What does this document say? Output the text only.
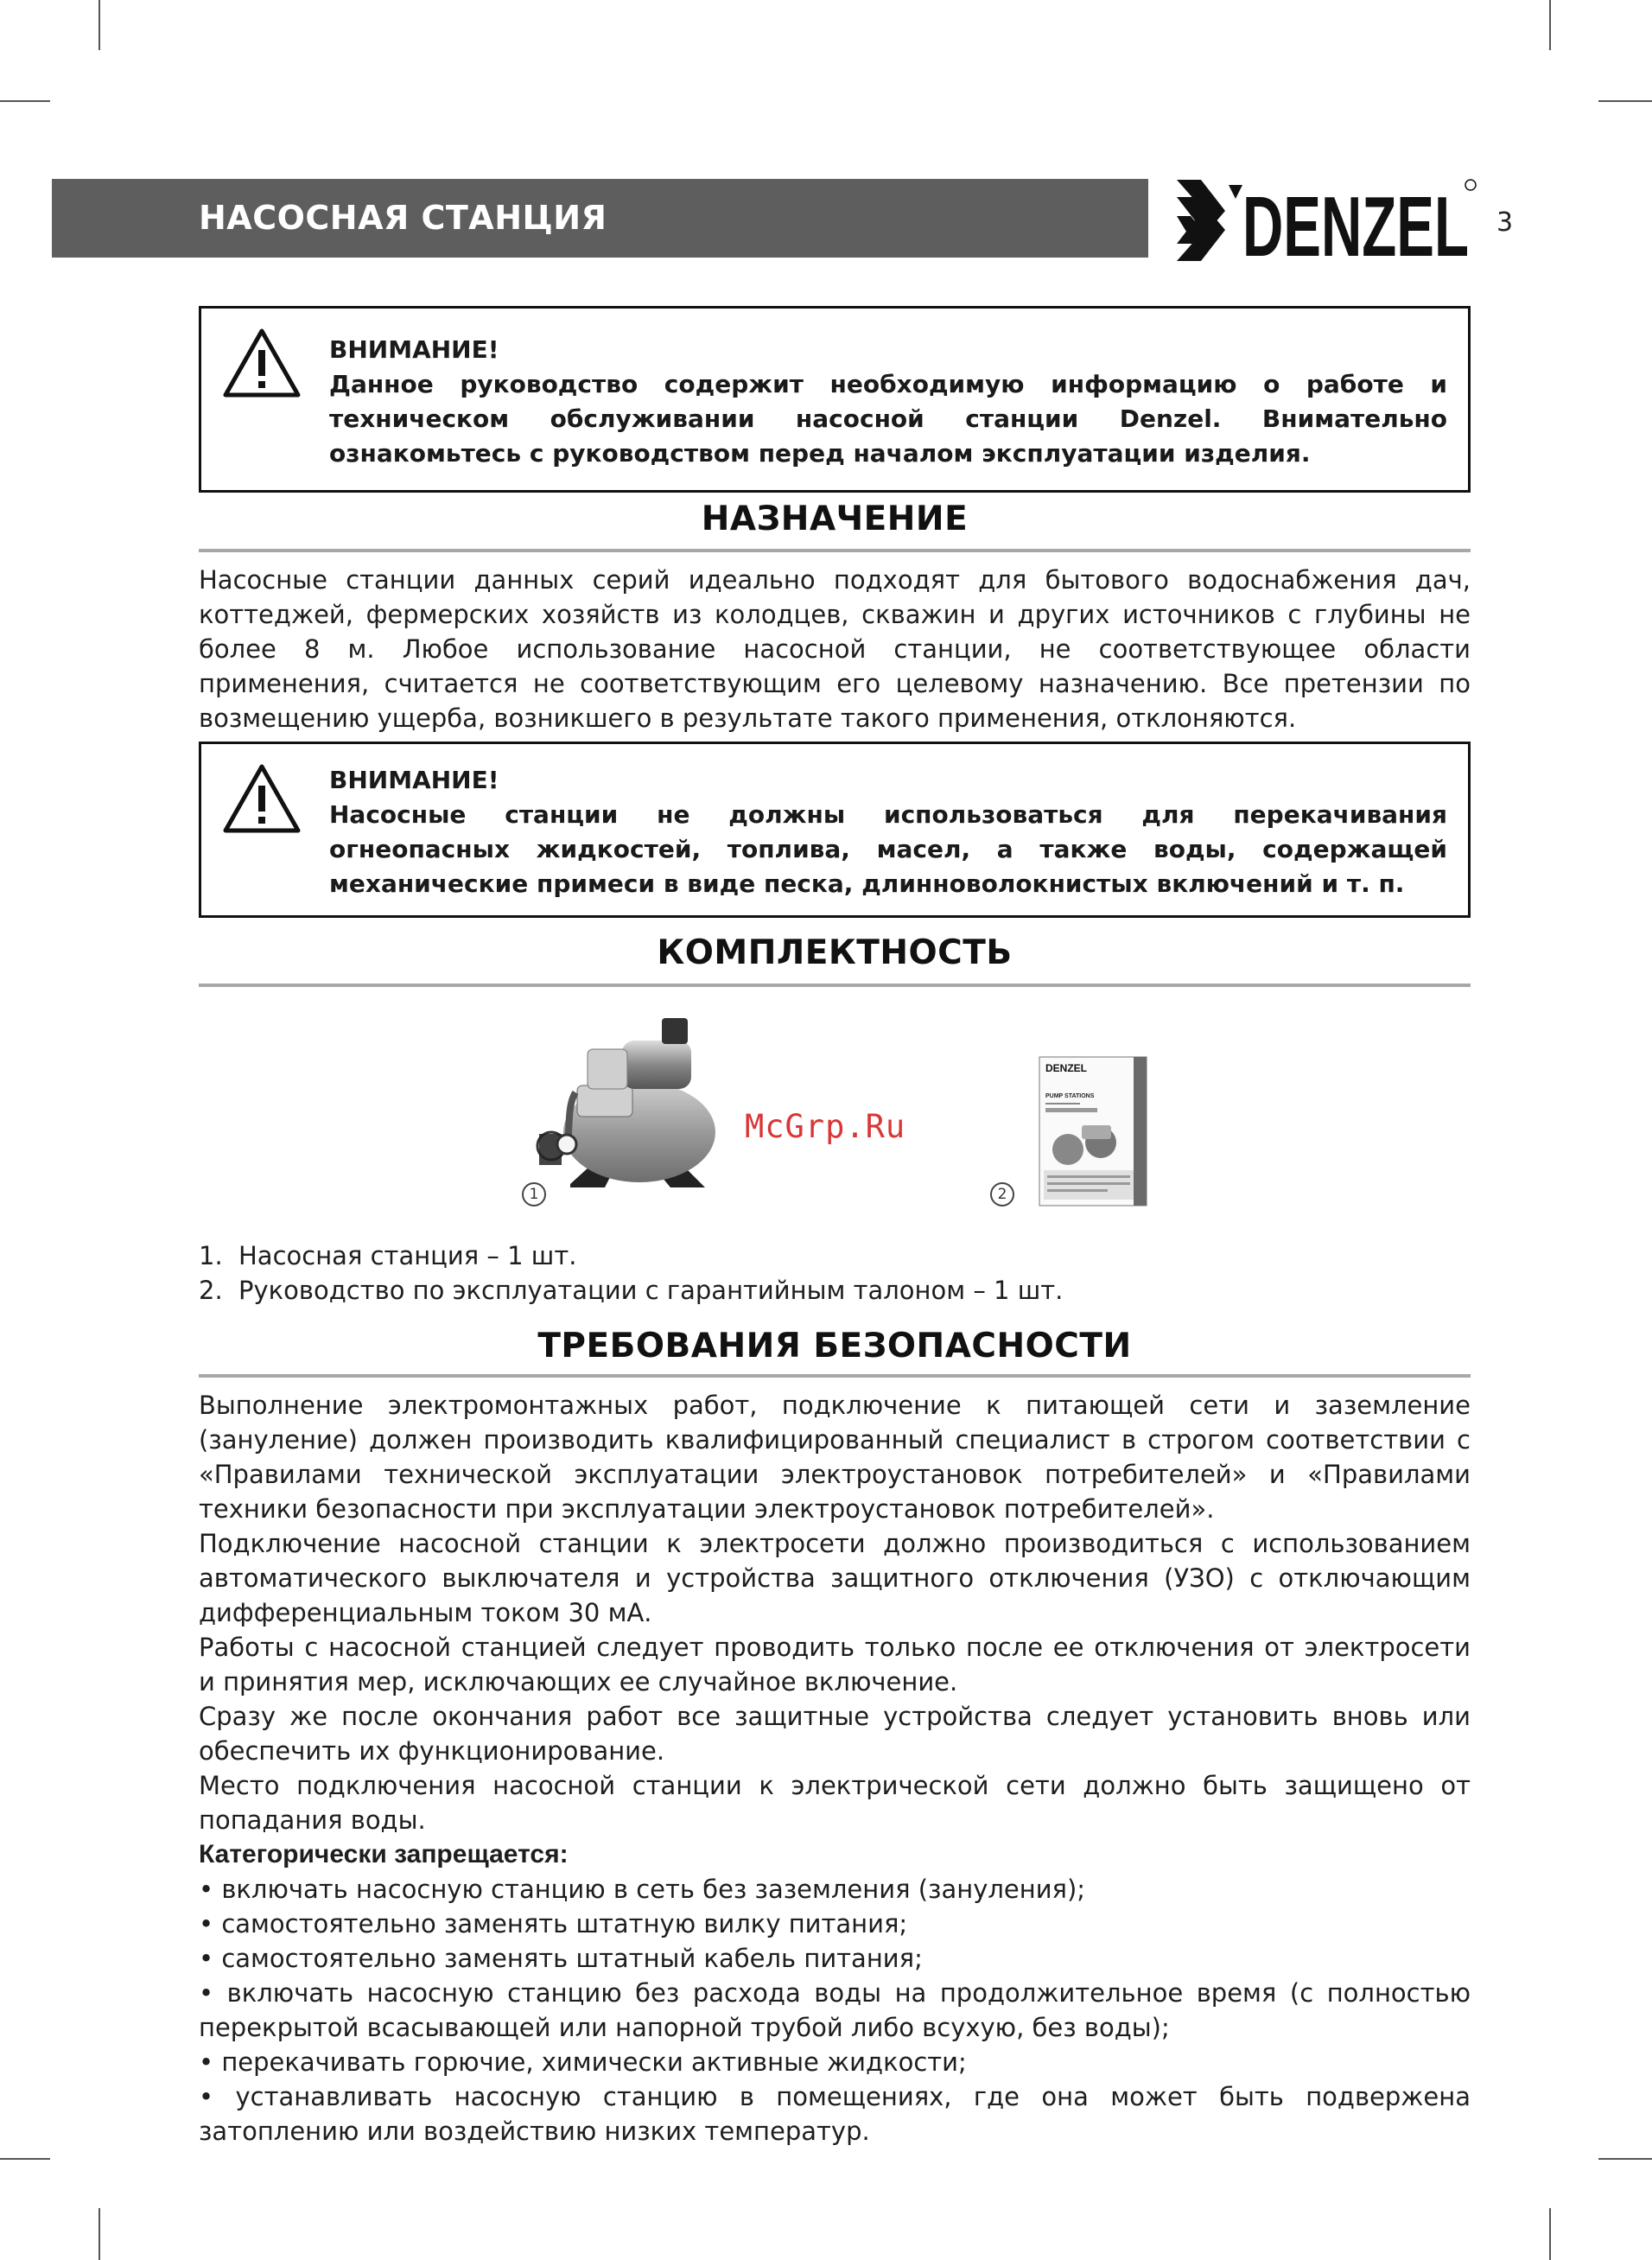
НАСОСНАЯ СТАНЦИЯ	DENZEL 3
ВНИМАНИЕ!
Данное руководство содержит необходимую информацию о работе и техническом обслуживании насосной станции Denzel. Внимательно ознакомьтесь с руководством перед началом эксплуатации изделия.
НАЗНАЧЕНИЕ

Насосные станции данных серий идеально подходят для бытового водоснабжения дач, коттеджей, фермерских хозяйств из колодцев, скважин и других источников с глубины не более 8 м. Любое использование насосной станции, не соответствующее области применения, считается не соответствующим его целевому назначению. Все претензии по возмещению ущерба, возникшего в результате такого применения, отклоняются.

ВНИМАНИЕ!
Насосные станции не должны использоваться для перекачивания огнеопасных жидкостей, топлива, масел, а также воды, содержащей механические примеси в виде песка, длинноволокнистых включений и т. п.
КОМПЛЕКТНОСТЬ
1
McGrp.Ru
DENZEL
PUMP STATIONS
2
1. Насосная станция – 1 шт.
2. Руководство по эксплуатации с гарантийным талоном – 1 шт.
ТРЕБОВАНИЯ БЕЗОПАСНОСТИ

Выполнение электромонтажных работ, подключение к питающей сети и заземление (зануление) должен производить квалифицированный специалист в строгом соответствии с «Правилами технической эксплуатации электроустановок потребителей» и «Правилами техники безопасности при эксплуатации электроустановок потребителей».

Подключение насосной станции к электросети должно производиться с использованием автоматического выключателя и устройства защитного отключения (УЗО) с отключающим дифференциальным током 30 мА.

Работы с насосной станцией следует проводить только после ее отключения от электросети и принятия мер, исключающих ее случайное включение.

Сразу же после окончания работ все защитные устройства следует установить вновь или обеспечить их функционирование.

Место подключения насосной станции к электрической сети должно быть защищено от попадания воды.

Категорически запрещается:
• включать насосную станцию в сеть без заземления (зануления);
• самостоятельно заменять штатную вилку питания;
• самостоятельно заменять штатный кабель питания;
• включать насосную станцию без расхода воды на продолжительное время (с полностью перекрытой всасывающей или напорной трубой либо всухую, без воды);
• перекачивать горючие, химически активные жидкости;
• устанавливать насосную станцию в помещениях, где она может быть подвержена затоплению или воздействию низких температур.
